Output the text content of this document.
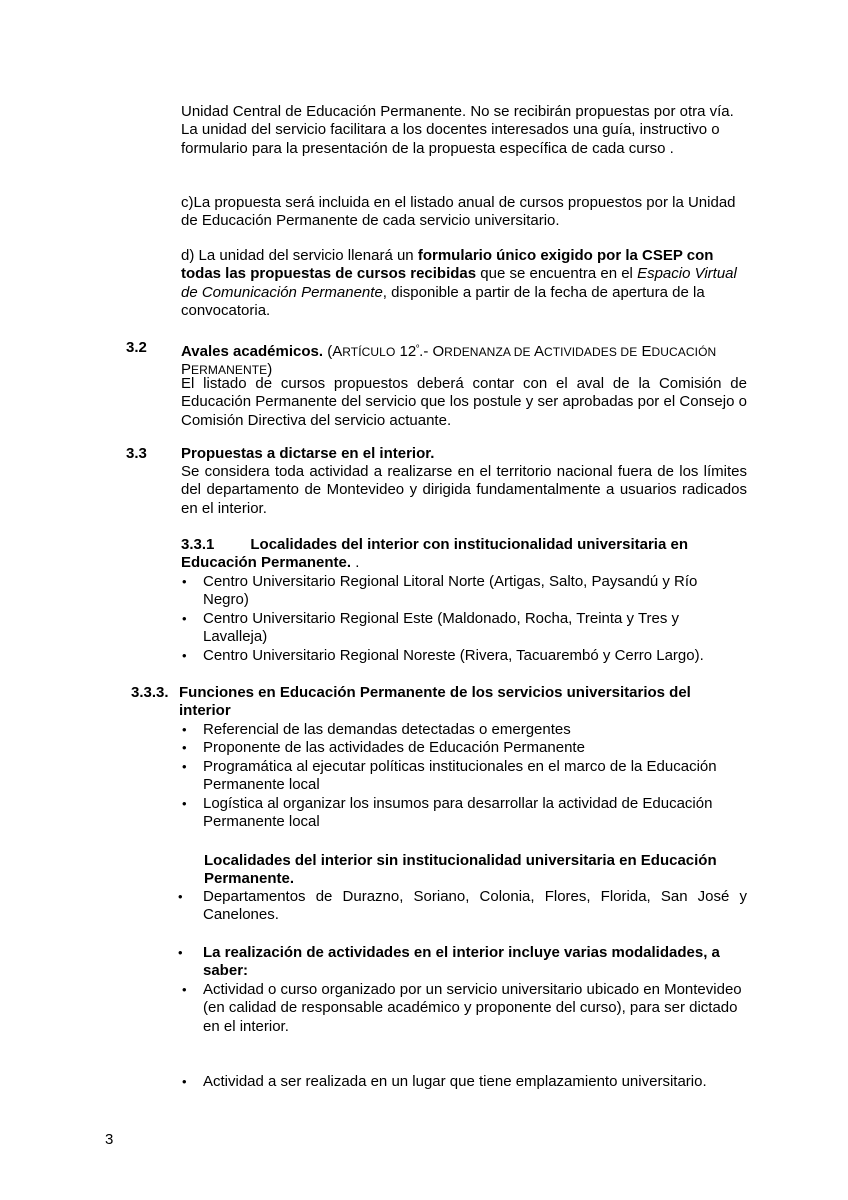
Unidad Central de Educación Permanente. No se recibirán propuestas por otra vía. La unidad del servicio facilitara a los docentes interesados una guía, instructivo o formulario para la presentación de la propuesta específica de cada curso .

c)La propuesta será incluida en el listado anual de cursos propuestos por la Unidad de Educación Permanente de cada servicio universitario.

d) La unidad del servicio llenará un formulario único exigido por la CSEP con todas las propuestas de cursos recibidas que se encuentra en el Espacio Virtual de Comunicación Permanente, disponible a partir de la fecha de apertura de la convocatoria.

3.2 Avales académicos. (ARTÍCULO $12^º.-$ ORDENANZA DE ACTIVIDADES DE EDUCACIÓN
PERMANENTE)

El listado de cursos propuestos deberá contar con el aval de la Comisión de Educación Permanente del servicio que los postule y ser aprobadas por el Consejo o Comisión Directiva del servicio actuante.

3.3 Propuestas a dictarse en el interior.

Se considera toda actividad a realizarse en el territorio nacional fuera de los límites del departamento de Montevideo y dirigida fundamentalmente a usuarios radicados en el interior.

3.3.1 Localidades del interior con institucionalidad universitaria en
Educación Permanente. .

• Centro Universitario Regional Litoral Norte (Artigas, Salto, Paysandú y Río Negro)
• Centro Universitario Regional Este (Maldonado, Rocha, Treinta y Tres y Lavalleja)
• Centro Universitario Regional Noreste (Rivera, Tacuarembó y Cerro Largo).
3.3.3. Funciones en Educación Permanente de los servicios universitarios del
interior

• Referencial de las demandas detectadas o emergentes
• Proponente de las actividades de Educación Permanente
• Programática al ejecutar políticas institucionales en el marco de la Educación Permanente local
• Logística al organizar los insumos para desarrollar la actividad de Educación Permanente local

Localidades del interior sin institucionalidad universitaria en Educación
Permanente.

• Departamentos de Durazno, Soriano, Colonia, Flores, Florida, San José y Canelones.
• La realización de actividades en el interior incluye varias modalidades, a saber:
• Actividad o curso organizado por un servicio universitario ubicado en Montevideo (en calidad de responsable académico y proponente del curso), para ser dictado en el interior.
• Actividad a ser realizada en un lugar que tiene emplazamiento universitario.
3
